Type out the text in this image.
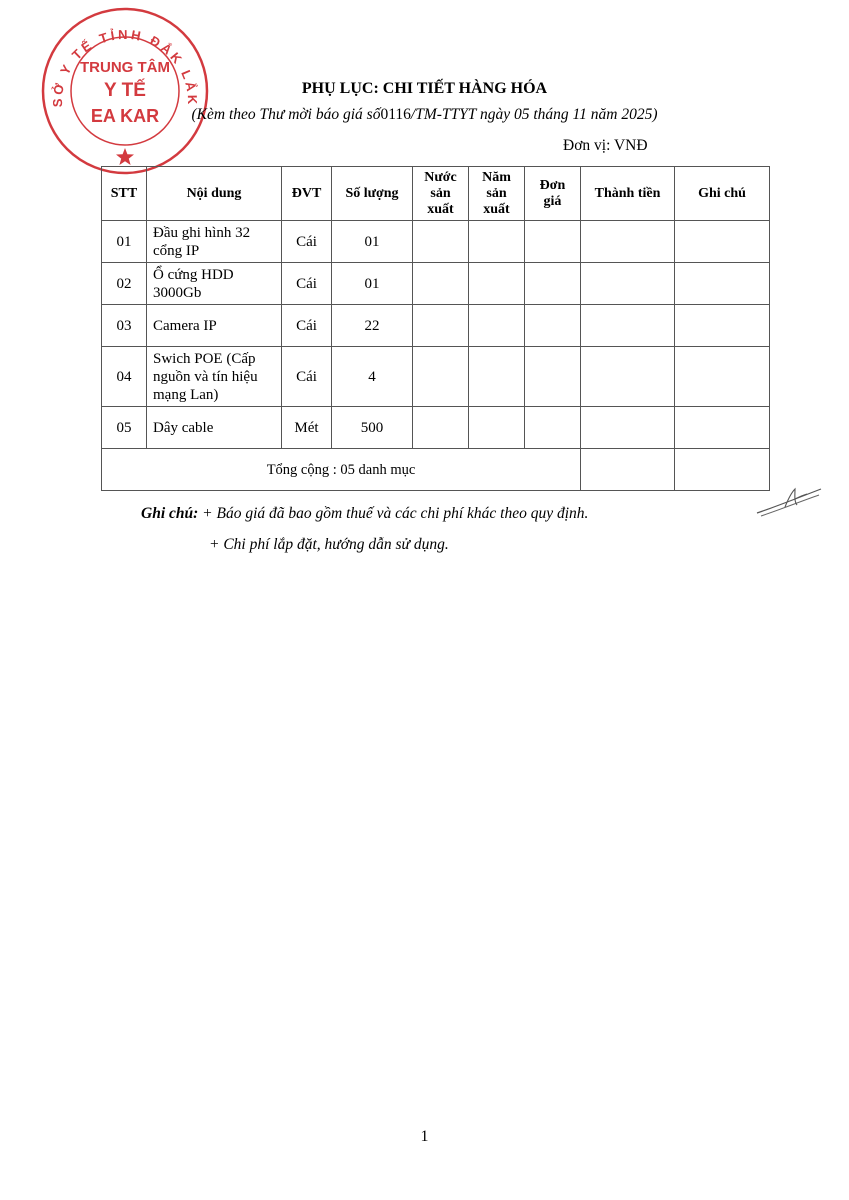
SỞ Y TẾ TỈNH ĐẮK LẮK
TRUNG TÂM
Y TẾ
EA KAR
PHỤ LỤC: CHI TIẾT HÀNG HÓA
(Kèm theo Thư mời báo giá số0116/TM-TTYT ngày 05 tháng 11 năm 2025)
Đơn vị: VNĐ
STT	Nội dung	ĐVT	Số lượng	Nước sản xuất	Năm sản xuất	Đơn giá	Thành tiền	Ghi chú
01	Đầu ghi hình 32 cổng IP	Cái	01					
02	Ổ cứng HDD 3000Gb	Cái	01					
03	Camera IP	Cái	22					
04	Swich POE (Cấp nguồn và tín hiệu mạng Lan)	Cái	4					
05	Dây cable	Mét	500					
Tổng cộng : 05 danh mục								
Ghi chú: + Báo giá đã bao gồm thuế và các chi phí khác theo quy định.
+ Chi phí lắp đặt, hướng dẫn sử dụng.
1
